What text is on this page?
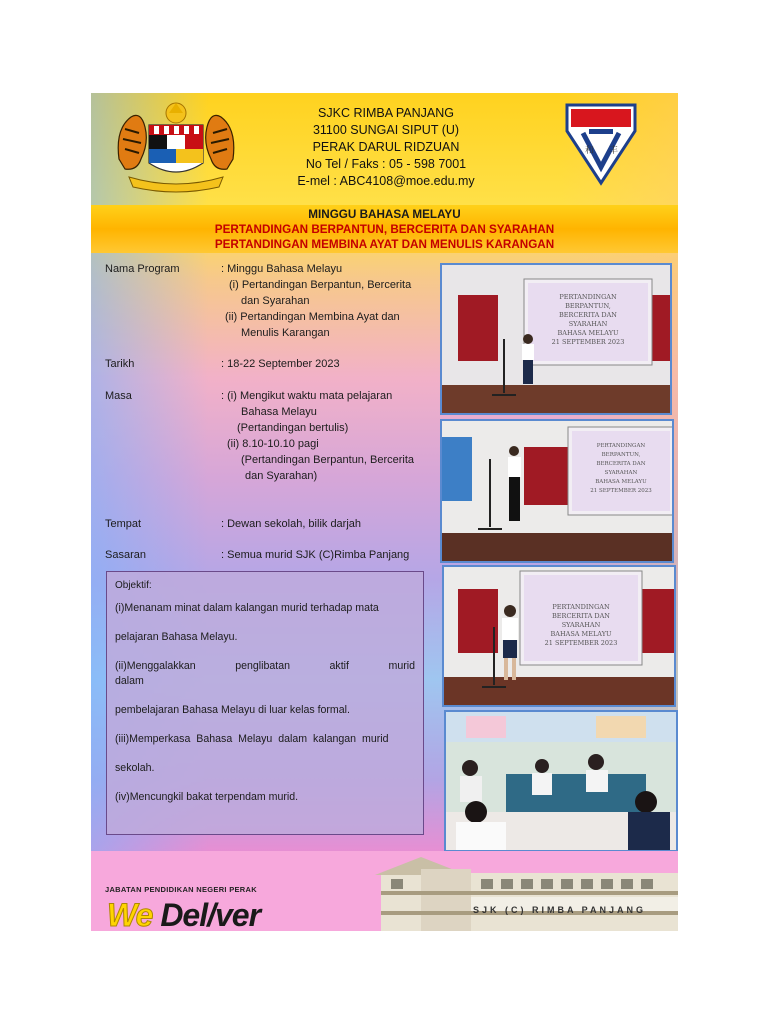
SJKC RIMBA PANJANG
31100 SUNGAI SIPUT (U)
PERAK DARUL RIDZUAN
No Tel / Faks : 05 - 598 7001
E-mel : ABC4108@moe.edu.my
和 丰
MINGGU BAHASA MELAYU
PERTANDINGAN BERPANTUN, BERCERITA DAN SYARAHAN
PERTANDINGAN MEMBINA AYAT DAN MENULIS KARANGAN
Nama Program	: Minggu Bahasa Melayu
(i) Pertandingan Berpantun, Bercerita
dan Syarahan
(ii) Pertandingan Membina Ayat dan
Menulis Karangan
Tarikh	: 18-22 September 2023
Masa	: (i) Mengikut waktu mata pelajaran
Bahasa Melayu
(Pertandingan bertulis)
(ii) 8.10-10.10 pagi
(Pertandingan Berpantun, Bercerita
dan Syarahan)
Tempat	: Dewan sekolah, bilik darjah
Sasaran	: Semua murid SJK (C)Rimba Panjang

Objektif:

(i)Menanam minat dalam kalangan murid terhadap mata

pelajaran Bahasa Melayu.

(ii)Menggalakkan penglibatan aktif murid dalam

pembelajaran Bahasa Melayu di luar kelas formal.

(iii)Memperkasa Bahasa Melayu dalam kalangan murid

sekolah.

(iv)Mencungkil bakat terpendam murid.

PERTANDINGAN
BERPANTUN,
BERCERITA DAN
SYARAHAN
BAHASA MELAYU
21 SEPTEMBER 2023
PERTANDINGAN
BERPANTUN,
BERCERITA DAN
SYARAHAN
BAHASA MELAYU
21 SEPTEMBER 2023
PERTANDINGAN
BERCERITA DAN
SYARAHAN
BAHASA MELAYU
21 SEPTEMBER 2023
JABATAN PENDIDIKAN NEGERI PERAK
We Del/ver	SJK (C) RIMBA PANJANG
